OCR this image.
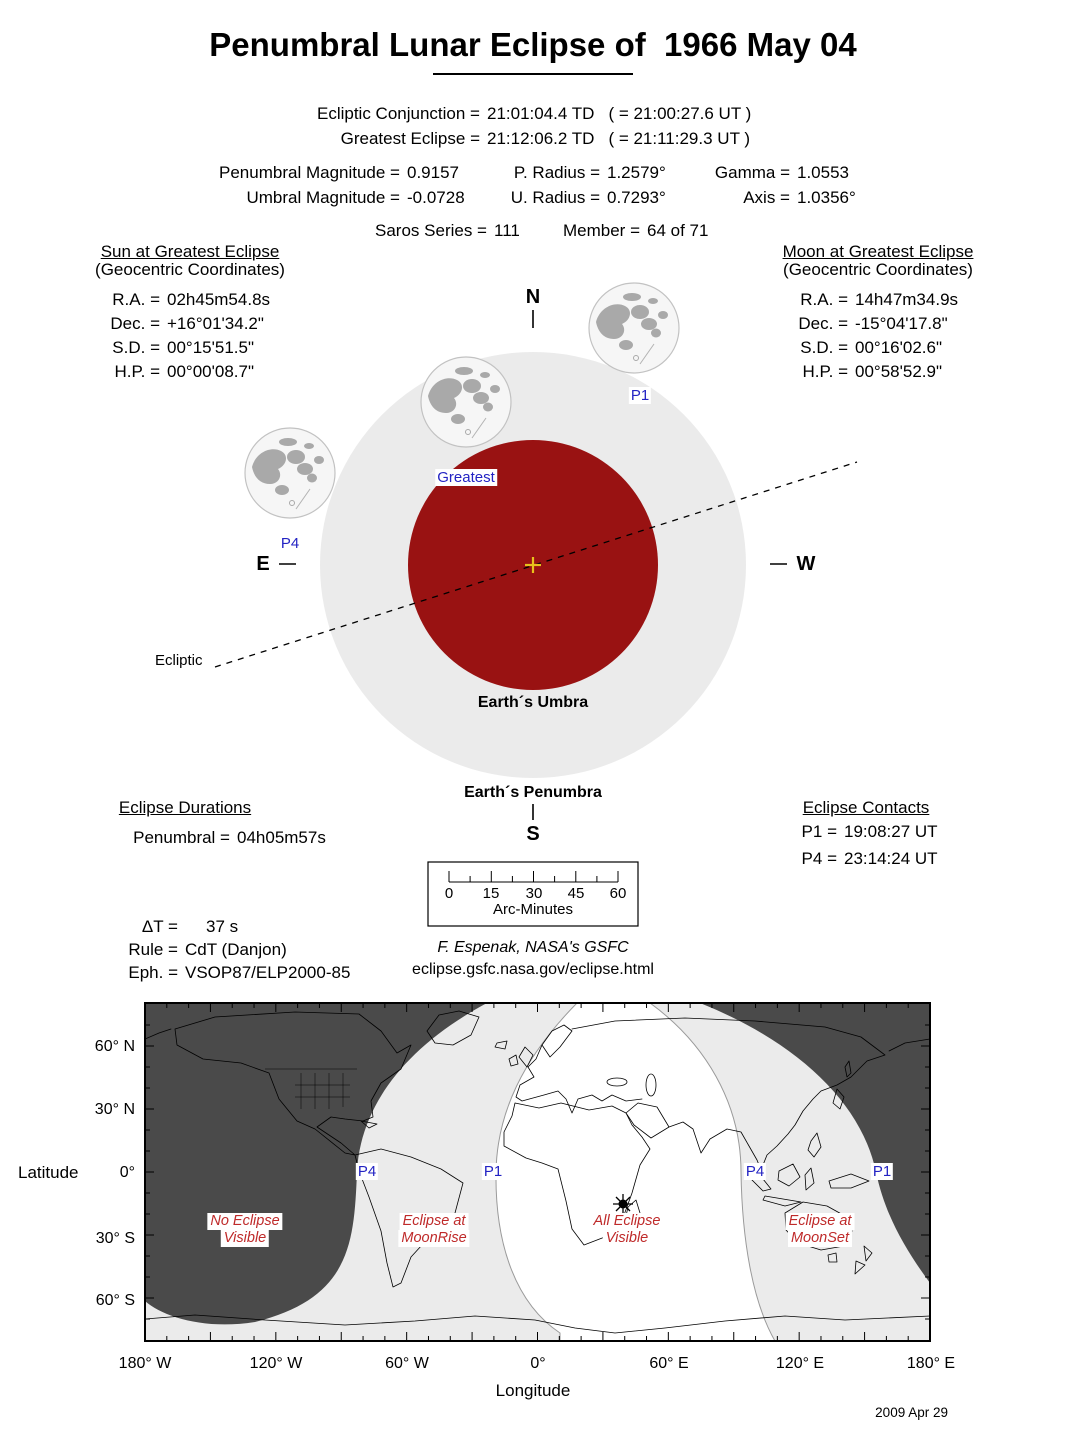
Penumbral Lunar Eclipse of  1966 May 04
Ecliptic Conjunction = 21:01:04.4 TD ( = 21:00:27.6 UT )
Greatest Eclipse = 21:12:06.2 TD ( = 21:11:29.3 UT )
Penumbral Magnitude = 0.9157
Umbral Magnitude = -0.0728
P. Radius = 1.2579°
U. Radius = 0.7293°
Gamma = 1.0553
Axis = 1.0356°
Saros Series = 111	Member = 64 of 71
Sun at Greatest Eclipse
(Geocentric Coordinates)
R.A. = 02h45m54.8s
Dec. = +16°01'34.2"
S.D. = 00°15'51.5"
H.P. = 00°00'08.7"
Moon at Greatest Eclipse
(Geocentric Coordinates)
R.A. = 14h47m34.9s
Dec. = -15°04'17.8"
S.D. = 00°16'02.6"
H.P. = 00°58'52.9"
N
S
E	W
P1
P4
Greatest
Earth´s Umbra
Earth´s Penumbra
Ecliptic
0 15 30 45 60
Arc-Minutes
Eclipse Durations
Penumbral = 04h05m57s
Eclipse Contacts
P1 = 19:08:27 UT
P4 = 23:14:24 UT
ΔT = 37 s
Rule = CdT (Danjon)
Eph. = VSOP87/ELP2000-85
F. Espenak, NASA's GSFC
eclipse.gsfc.nasa.gov/eclipse.html
Latitude
60° N
30° N
0°
30° S
60° S
No Eclipse
Visible
Eclipse at
MoonRise
All Eclipse
Visible
Eclipse at
MoonSet
P4	P1	P4	P1
180° W	120° W	60° W	0°	60° E	120° E	180° E
Longitude
2009 Apr 29
